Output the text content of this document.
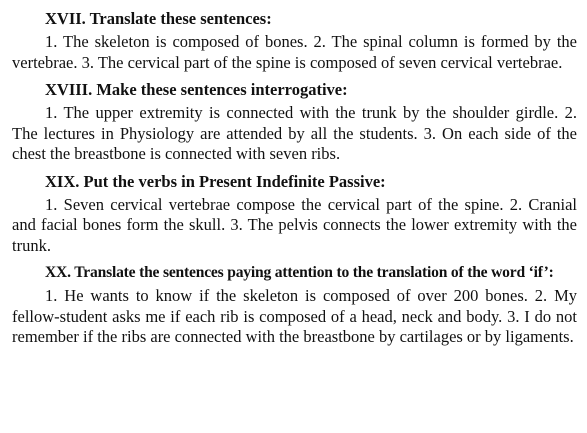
XVII. Translate these sentences:

1. The skeleton is composed of bones. 2. The spinal column is formed by the vertebrae. 3. The cervical part of the spine is composed of seven cervical vertebrae.

XVIII. Make these sentences interrogative:

1. The upper extremity is connected with the trunk by the shoulder girdle. 2. The lectures in Physiology are attended by all the students. 3. On each side of the chest the breastbone is connected with seven ribs.

XIX. Put the verbs in Present Indefinite Passive:

1. Seven cervical vertebrae compose the cervical part of the spine. 2. Cranial and facial bones form the skull. 3. The pelvis connects the lower extremity with the trunk.

XX. Translate the sentences paying attention to the translation of the word ‘if’:

1. He wants to know if the skeleton is composed of over 200 bones. 2. My fellow-student asks me if each rib is composed of a head, neck and body. 3. I do not remember if the ribs are connected with the breastbone by cartilages or by ligaments.
